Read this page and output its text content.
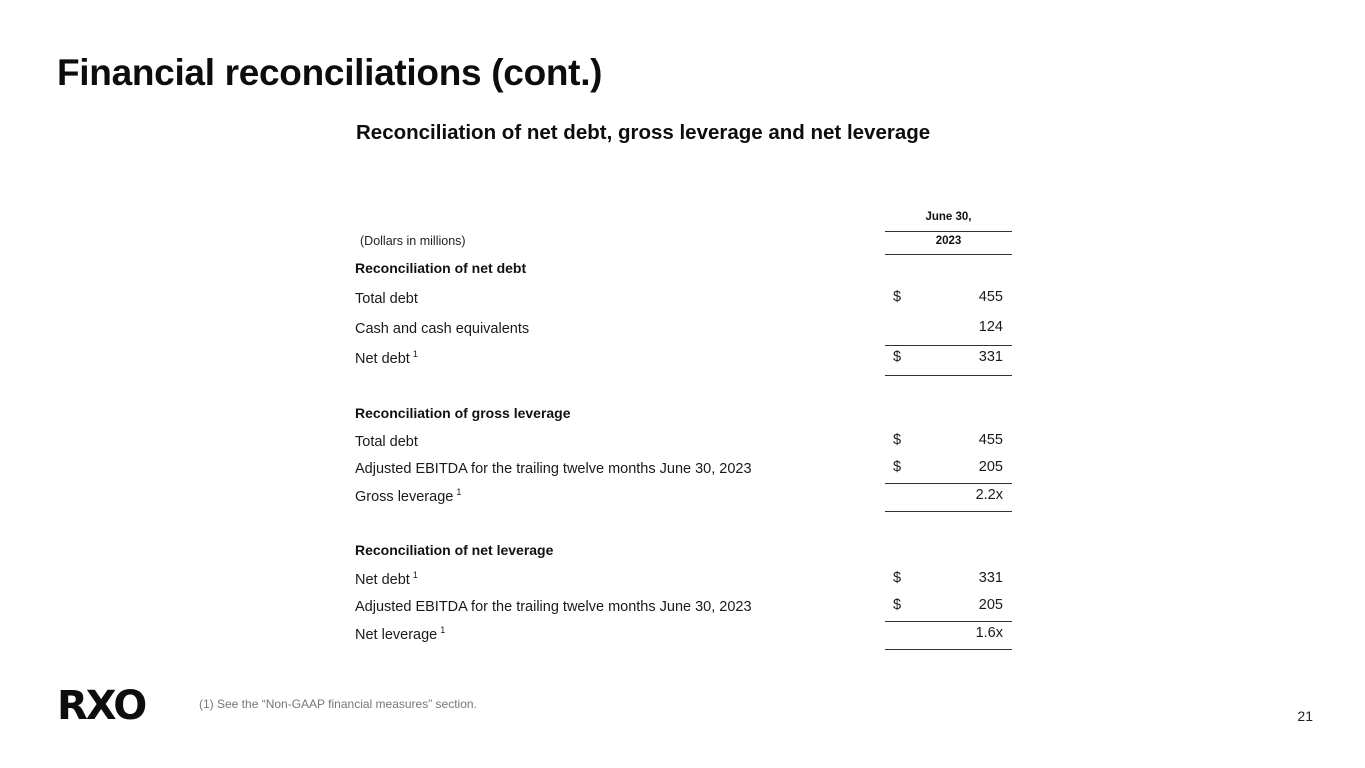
Financial reconciliations (cont.)
Reconciliation of net debt, gross leverage and net leverage
June 30,
(Dollars in millions)	2023
Reconciliation of net debt
Total debt	$	455
Cash and cash equivalents	124
Net debt $^1$	$	331
Reconciliation of gross leverage
Total debt	$	455
Adjusted EBITDA for the trailing twelve months June 30, 2023	$	205
Gross leverage $^1$	2.2x
Reconciliation of net leverage
Net debt $^1$	$	331
Adjusted EBITDA for the trailing twelve months June 30, 2023	$	205
Net leverage $^1$	1.6x
RXO	(1) See the “Non-GAAP financial measures” section.
21
